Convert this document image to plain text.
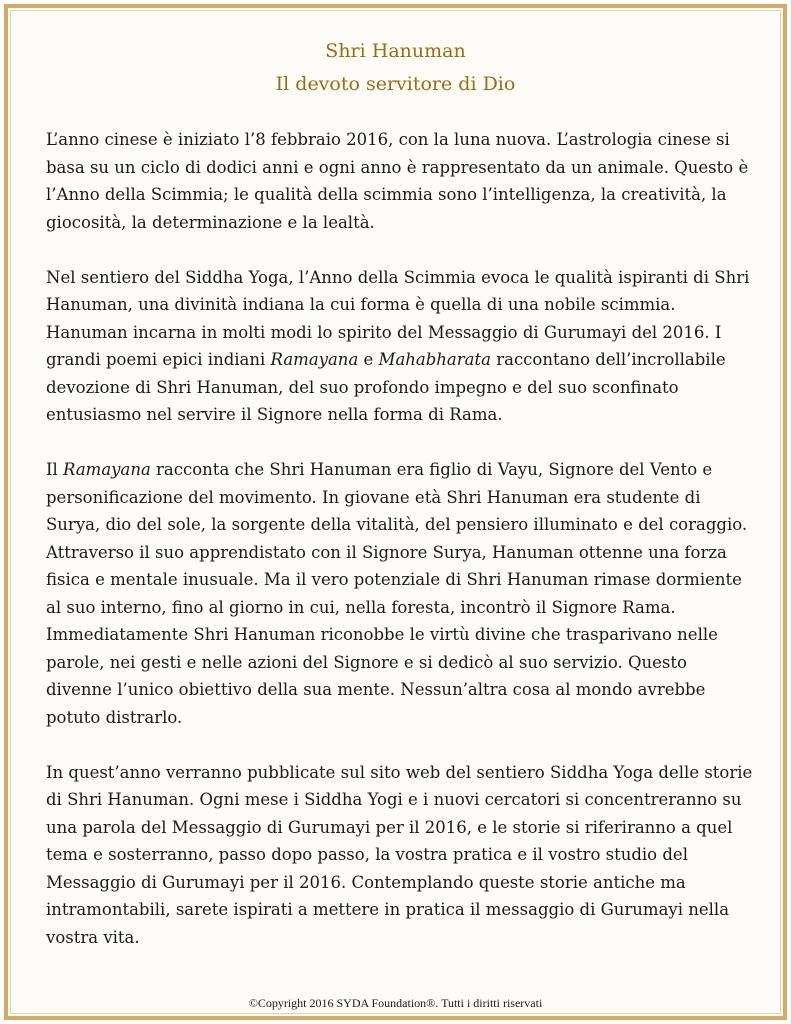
Shri Hanuman
Il devoto servitore di Dio

L’anno cinese è iniziato l’8 febbraio 2016, con la luna nuova. L’astrologia cinese si basa su un ciclo di dodici anni e ogni anno è rappresentato da un animale. Questo è l’Anno della Scimmia; le qualità della scimmia sono l’intelligenza, la creatività, la giocosità, la determinazione e la lealtà.

Nel sentiero del Siddha Yoga, l’Anno della Scimmia evoca le qualità ispiranti di Shri Hanuman, una divinità indiana la cui forma è quella di una nobile scimmia. Hanuman incarna in molti modi lo spirito del Messaggio di Gurumayi del 2016. I grandi poemi epici indiani Ramayana e Mahabharata raccontano dell’incrollabile devozione di Shri Hanuman, del suo profondo impegno e del suo sconfinato entusiasmo nel servire il Signore nella forma di Rama.

Il Ramayana racconta che Shri Hanuman era figlio di Vayu, Signore del Vento e personificazione del movimento. In giovane età Shri Hanuman era studente di Surya, dio del sole, la sorgente della vitalità, del pensiero illuminato e del coraggio. Attraverso il suo apprendistato con il Signore Surya, Hanuman ottenne una forza fisica e mentale inusuale. Ma il vero potenziale di Shri Hanuman rimase dormiente al suo interno, fino al giorno in cui, nella foresta, incontrò il Signore Rama. Immediatamente Shri Hanuman riconobbe le virtù divine che trasparivano nelle parole, nei gesti e nelle azioni del Signore e si dedicò al suo servizio. Questo divenne l’unico obiettivo della sua mente. Nessun’altra cosa al mondo avrebbe potuto distrarlo.

In quest’anno verranno pubblicate sul sito web del sentiero Siddha Yoga delle storie di Shri Hanuman. Ogni mese i Siddha Yogi e i nuovi cercatori si concentreranno su una parola del Messaggio di Gurumayi per il 2016, e le storie si riferiranno a quel tema e sosterranno, passo dopo passo, la vostra pratica e il vostro studio del Messaggio di Gurumayi per il 2016. Contemplando queste storie antiche ma intramontabili, sarete ispirati a mettere in pratica il messaggio di Gurumayi nella vostra vita.

©Copyright 2016 SYDA Foundation®. Tutti i diritti riservati
